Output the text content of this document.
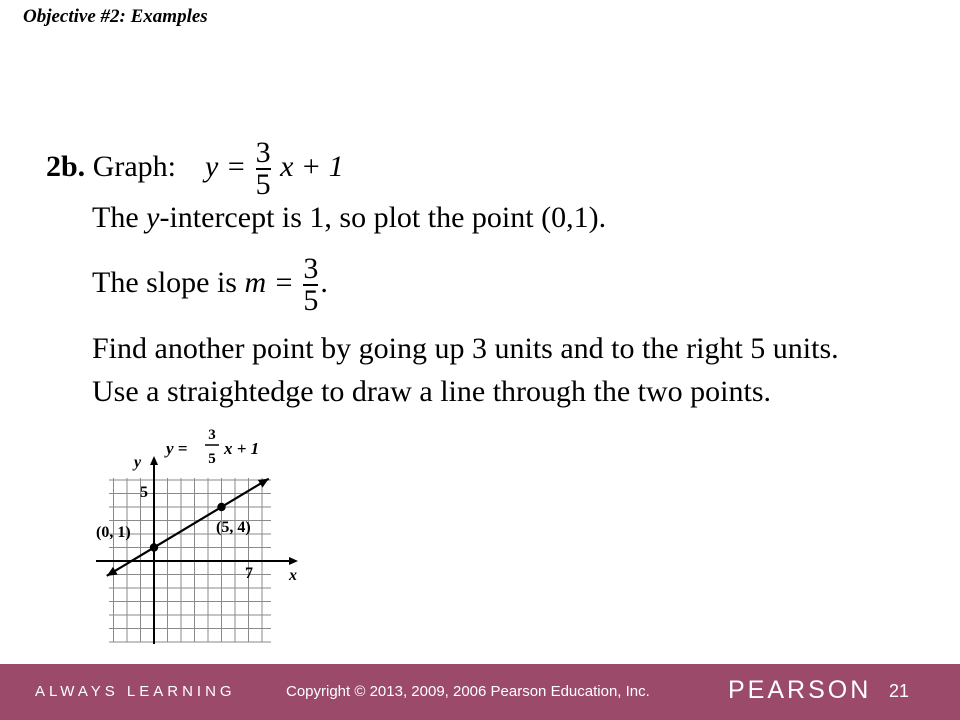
Objective #2: Examples
2b. Graph: $y = \frac{3}{5}$ x + 1
The y-intercept is 1, so plot the point (0,1).
The slope is $m = \frac{3}{5}$ .
Find another point by going up 3 units and to the right 5 units.
Use a straightedge to draw a line through the two points.
y =
3
5
x + 1
y
x
5
7
(0, 1)	(5, 4)
ALWAYS LEARNING	Copyright © 2013, 2009, 2006 Pearson Education, Inc.	PEARSON 21
